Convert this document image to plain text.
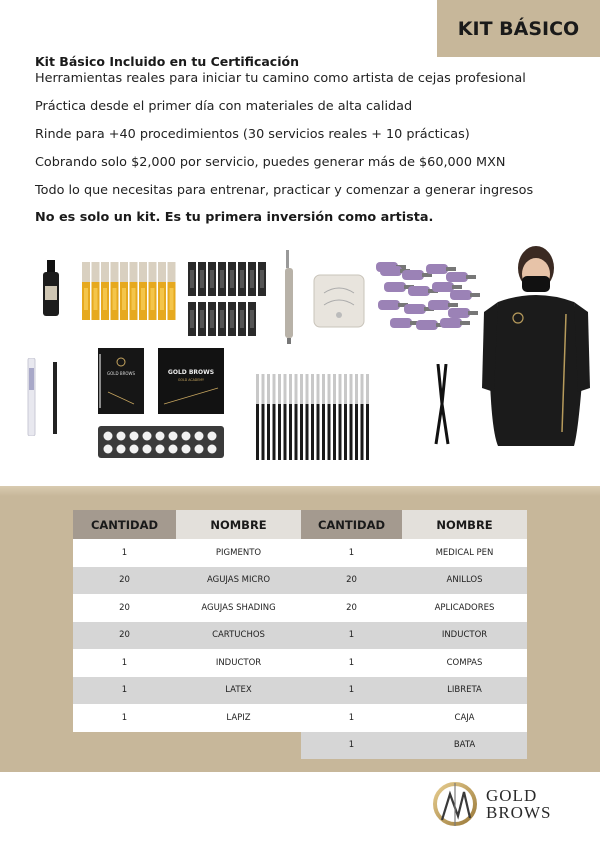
KIT BÁSICO
Kit Básico Incluido en tu Certificación
Herramientas reales para iniciar tu camino como artista de cejas profesional
Práctica desde el primer día con materiales de alta calidad
Rinde para +40 procedimientos (30 servicios reales + 10 prácticas)
Cobrando solo $2,000 por servicio, puedes generar más de $60,000 MXN
Todo lo que necesitas para entrenar, practicar y comenzar a generar ingresos
No es solo un kit. Es tu primera inversión como artista.
GOLD BROWS	GOLD BROWS
GOLD ACADEMY
CANTIDAD	NOMBRE	CANTIDAD	NOMBRE
1	PIGMENTO	1	MEDICAL PEN
20	AGUJAS MICRO	20	ANILLOS
20	AGUJAS SHADING	20	APLICADORES
20	CARTUCHOS	1	INDUCTOR
1	INDUCTOR	1	COMPAS
1	LATEX	1	LIBRETA
1	LAPIZ	1	CAJA
		1	BATA
GOLD
BROWS
